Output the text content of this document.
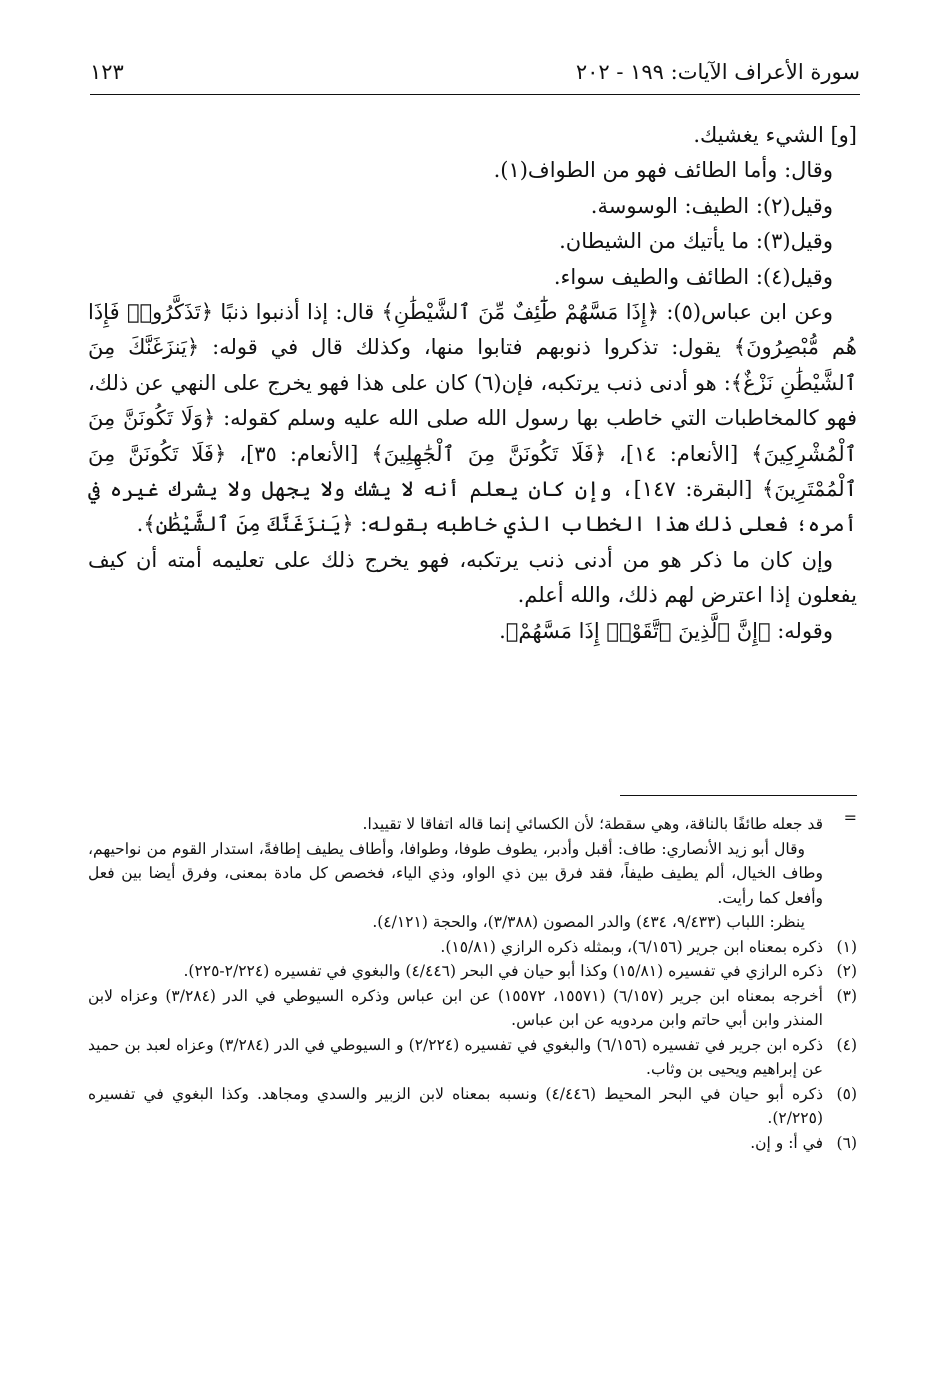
سورة الأعراف الآيات: ١٩٩ - ٢٠٢
١٢٣

[و] الشيء يغشيك.

وقال: وأما الطائف فهو من الطواف(١).

وقيل(٢): الطيف: الوسوسة.

وقيل(٣): ما يأتيك من الشيطان.

وقيل(٤): الطائف والطيف سواء.

وعن ابن عباس(٥): ﴿إِذَا مَسَّهُمْ طَٰٓئِفٌ مِّنَ ٱلشَّيْطَٰنِ﴾ قال: إذا أذنبوا ذنبًا ﴿تَذَكَّرُوا۟ فَإِذَا هُم مُّبْصِرُونَ﴾ يقول: تذكروا ذنوبهم فتابوا منها، وكذلك قال في قوله: ﴿يَنزَغَنَّكَ مِنَ ٱلشَّيْطَٰنِ نَزْغٌ﴾: هو أدنى ذنب يرتكبه، فإن(٦) كان على هذا فهو يخرج على النهي عن ذلك، فهو كالمخاطبات التي خاطب بها رسول الله صلى الله عليه وسلم كقوله: ﴿وَلَا تَكُونَنَّ مِنَ ٱلْمُشْرِكِينَ﴾ [الأنعام: ١٤]، ﴿فَلَا تَكُونَنَّ مِنَ ٱلْجَٰهِلِينَ﴾ [الأنعام: ٣٥]، ﴿فَلَا تَكُونَنَّ مِنَ ٱلْمُمْتَرِينَ﴾ [البقرة: ١٤٧]، وإن كان يعلم أنه لا يشك ولا يجهل ولا يشرك غيره في أمره؛ فعلى ذلك هذا الخطاب الذي خاطبه بقوله: ﴿يَنزَغَنَّكَ مِنَ ٱلشَّيْطَٰنِ﴾.

وإن كان ما ذكر هو من أدنى ذنب يرتكبه، فهو يخرج ذلك على تعليمه أمته أن كيف يفعلون إذا اعترض لهم ذلك، والله أعلم.

وقوله: ﴿إِنَّ ٱلَّذِينَ ٱتَّقَوْا۟ إِذَا مَسَّهُمْ﴾.

قد جعله طائفًا بالناقة، وهي سقطة؛ لأن الكسائي إنما قاله اتفاقا لا تقييدا.

وقال أبو زيد الأنصاري: طاف: أقبل وأدبر، يطوف طوفا، وطوافا، وأطاف يطيف إطافةً، استدار القوم من نواحيهم، وطاف الخيال، ألم يطيف طيفاً، فقد فرق بين ذي الواو، وذي الياء، فخصص كل مادة بمعنى، وفرق أيضا بين فعل وأفعل كما رأيت.

ينظر: اللباب (٩/٤٣٣، ٤٣٤) والدر المصون (٣/٣٨٨)، والحجة (٤/١٢١).

(١)
ذكره بمعناه ابن جرير (٦/١٥٦)، وبمثله ذكره الرازي (١٥/٨١).
(٢)
ذكره الرازي في تفسيره (١٥/٨١) وكذا أبو حيان في البحر (٤/٤٤٦) والبغوي في تفسيره (٢/٢٢٤-٢٢٥).
(٣)
أخرجه بمعناه ابن جرير (٦/١٥٧) (١٥٥٧١، ١٥٥٧٢) عن ابن عباس وذكره السيوطي في الدر (٣/٢٨٤) وعزاه لابن المنذر وابن أبي حاتم وابن مردويه عن ابن عباس.
(٤)
ذكره ابن جرير في تفسيره (٦/١٥٦) والبغوي في تفسيره (٢/٢٢٤) و السيوطي في الدر (٣/٢٨٤) وعزاه لعبد بن حميد عن إبراهيم ويحيى بن وثاب.
(٥)
ذكره أبو حيان في البحر المحيط (٤/٤٤٦) ونسبه بمعناه لابن الزبير والسدي ومجاهد. وكذا البغوي في تفسيره (٢/٢٢٥).
(٦)
في أ: و إن.
=
